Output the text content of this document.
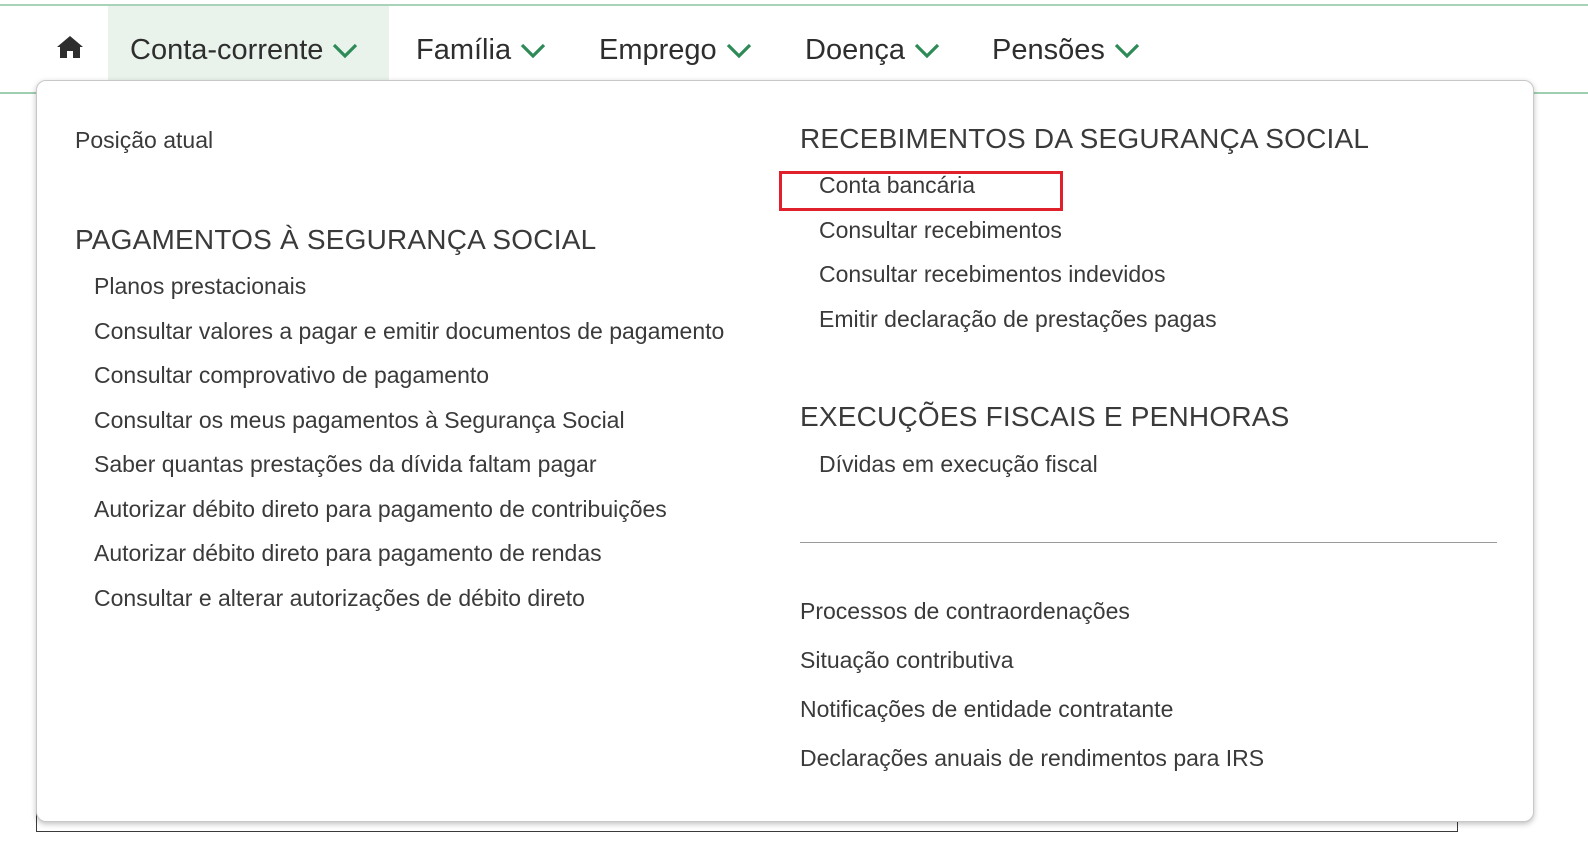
Conta-corrente	Família	Emprego	Doença	Pensões
Posição atual
PAGAMENTOS À SEGURANÇA SOCIAL
Planos prestacionais
Consultar valores a pagar e emitir documentos de pagamento
Consultar comprovativo de pagamento
Consultar os meus pagamentos à Segurança Social
Saber quantas prestações da dívida faltam pagar
Autorizar débito direto para pagamento de contribuições
Autorizar débito direto para pagamento de rendas
Consultar e alterar autorizações de débito direto
RECEBIMENTOS DA SEGURANÇA SOCIAL
Conta bancária
Consultar recebimentos
Consultar recebimentos indevidos
Emitir declaração de prestações pagas
EXECUÇÕES FISCAIS E PENHORAS
Dívidas em execução fiscal
Processos de contraordenações
Situação contributiva
Notificações de entidade contratante
Declarações anuais de rendimentos para IRS
